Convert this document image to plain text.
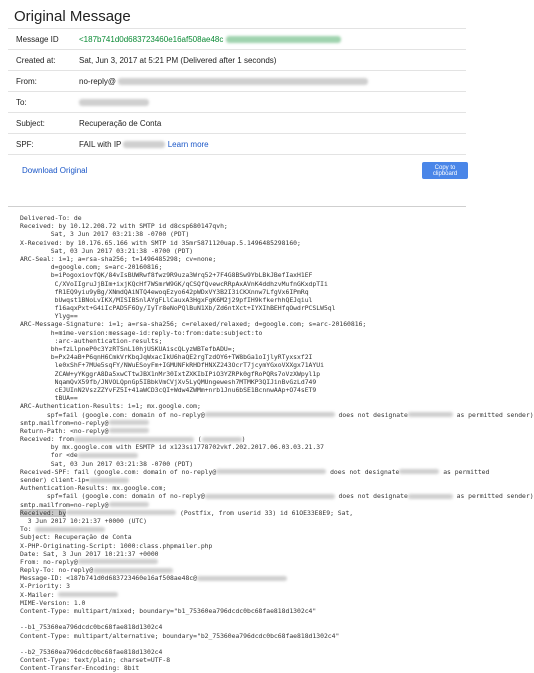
Original Message
Message ID	<187b741d0d683723460e16af508ae48c
Created at:	Sat, Jun 3, 2017 at 5:21 PM (Delivered after 1 seconds)
From:	no-reply@
To:	
Subject:	Recuperação de Conta
SPF:	FAIL with IP Learn more
Download Original	Copy to clipboard
Delivered-To: de
Received: by 10.12.208.72 with SMTP id d8csp680147qvh;
Sat, 3 Jun 2017 03:21:38 -0700 (PDT)
X-Received: by 10.176.65.166 with SMTP id 35mr5871120uap.5.1496485298160;
Sat, 03 Jun 2017 03:21:38 -0700 (PDT)
ARC-Seal: i=1; a=rsa-sha256; t=1496485298; cv=none;
d=google.com; s=arc-20160816;
b=iPogoxiovfQK/84vIsBUWRwf8fwz9R9uza3Wrq52+7F4G8BSw9YbLBkJBefIaxH1EF
C/XVoIIgruJjBIm+ixjKQcHf7WSmrW9GK/qCSQfQvewcRRpAxAVnK4ddhzvMufnGKxdpTIi
fR1EQ9yiu9yBg/XNmdQAiNTQ4ewoqEzyo642pWDxVY3B2I3iCKXnnw7LfgVx6IPmRq
bUwqst1BNoLvIKX/MISIBSnlAYgFLlCauxA3HgxFgK6M2j29pfIH9kfkerhhQEJqiul
f16aqxPxt+G4iIcPAD5F6Oy/IyTr8eNoPQlBuN1Xb/Zd6ntXct+IYXIhBEHfqOwdrPCSLW5ql
Ylyg==
ARC-Message-Signature: i=1; a=rsa-sha256; c=relaxed/relaxed; d=google.com; s=arc-20160816;
h=mime-version:message-id:reply-to:from:date:subject:to
:arc-authentication-results;
bh=fzLlpneP0c3YzRTSnL10hjUSKUAiscQLyzWBTefbADU=;
b=Px24aB+P6qnH6CmkVrKbqJqWxacIkU6haQE2rgTzdOY6+TW8bGa1oIjlyRTyxsxf2I
le0xShF+7MUe5sqFY/NWuESoyFm+IGMUNFkRHDfHNXZ243OcrT7jcymYGxoVXXgx71AYUi
ZCAW+yYKggrA8Da5xwCTtwJBX1nMr30IxtZXKIbIPiO3YZRPk0gfRoPQRs7oVzXWpyl1p
NqamQvX59fb/JNVOLQpnGp5IBbkVmCVjXv5LyQMUngewesh7MTMKP3QIJinBvGzLd749
cEJUInN2VszZZYvFZ5I+41aWCD3cQI+Wdw4ZWMm+nrb1Jnu6bSE1BcnnwAAp+O74sET9
tBUA==
ARC-Authentication-Results: i=1; mx.google.com;
spf=fail (google.com: domain of no-reply@	does not designate	as permitted sender)
smtp.mailfrom=no-reply@
Return-Path: <no-reply@
Received: from	(	)
by mx.google.com with ESMTP id x123si1778702vkf.202.2017.06.03.03.21.37
for <de
Sat, 03 Jun 2017 03:21:38 -0700 (PDT)
Received-SPF: fail (google.com: domain of no-reply@	does not designate	as permitted
sender) client-ip=
Authentication-Results: mx.google.com;
spf=fail (google.com: domain of no-reply@	does not designate	as permitted sender)
smtp.mailfrom=no-reply@
Received: by	(Postfix, from userid 33) id 61OE33E8E9; Sat,
3 Jun 2017 10:21:37 +0000 (UTC)
To:
Subject: Recuperação de Conta
X-PHP-Originating-Script: 1000:class.phpmailer.php
Date: Sat, 3 Jun 2017 10:21:37 +0000
From: no-reply@
Reply-To: no-reply@
Message-ID: <187b741d0d683723460e16af508ae48c@
X-Priority: 3
X-Mailer:
MIME-Version: 1.0
Content-Type: multipart/mixed; boundary="b1_75360ea796dcdc0bc68fae818d1302c4"
--b1_75360ea796dcdc0bc68fae818d1302c4
Content-Type: multipart/alternative; boundary="b2_75360ea796dcdc0bc68fae818d1302c4"
--b2_75360ea796dcdc0bc68fae818d1302c4
Content-Type: text/plain; charset=UTF-8
Content-Transfer-Encoding: 8bit
